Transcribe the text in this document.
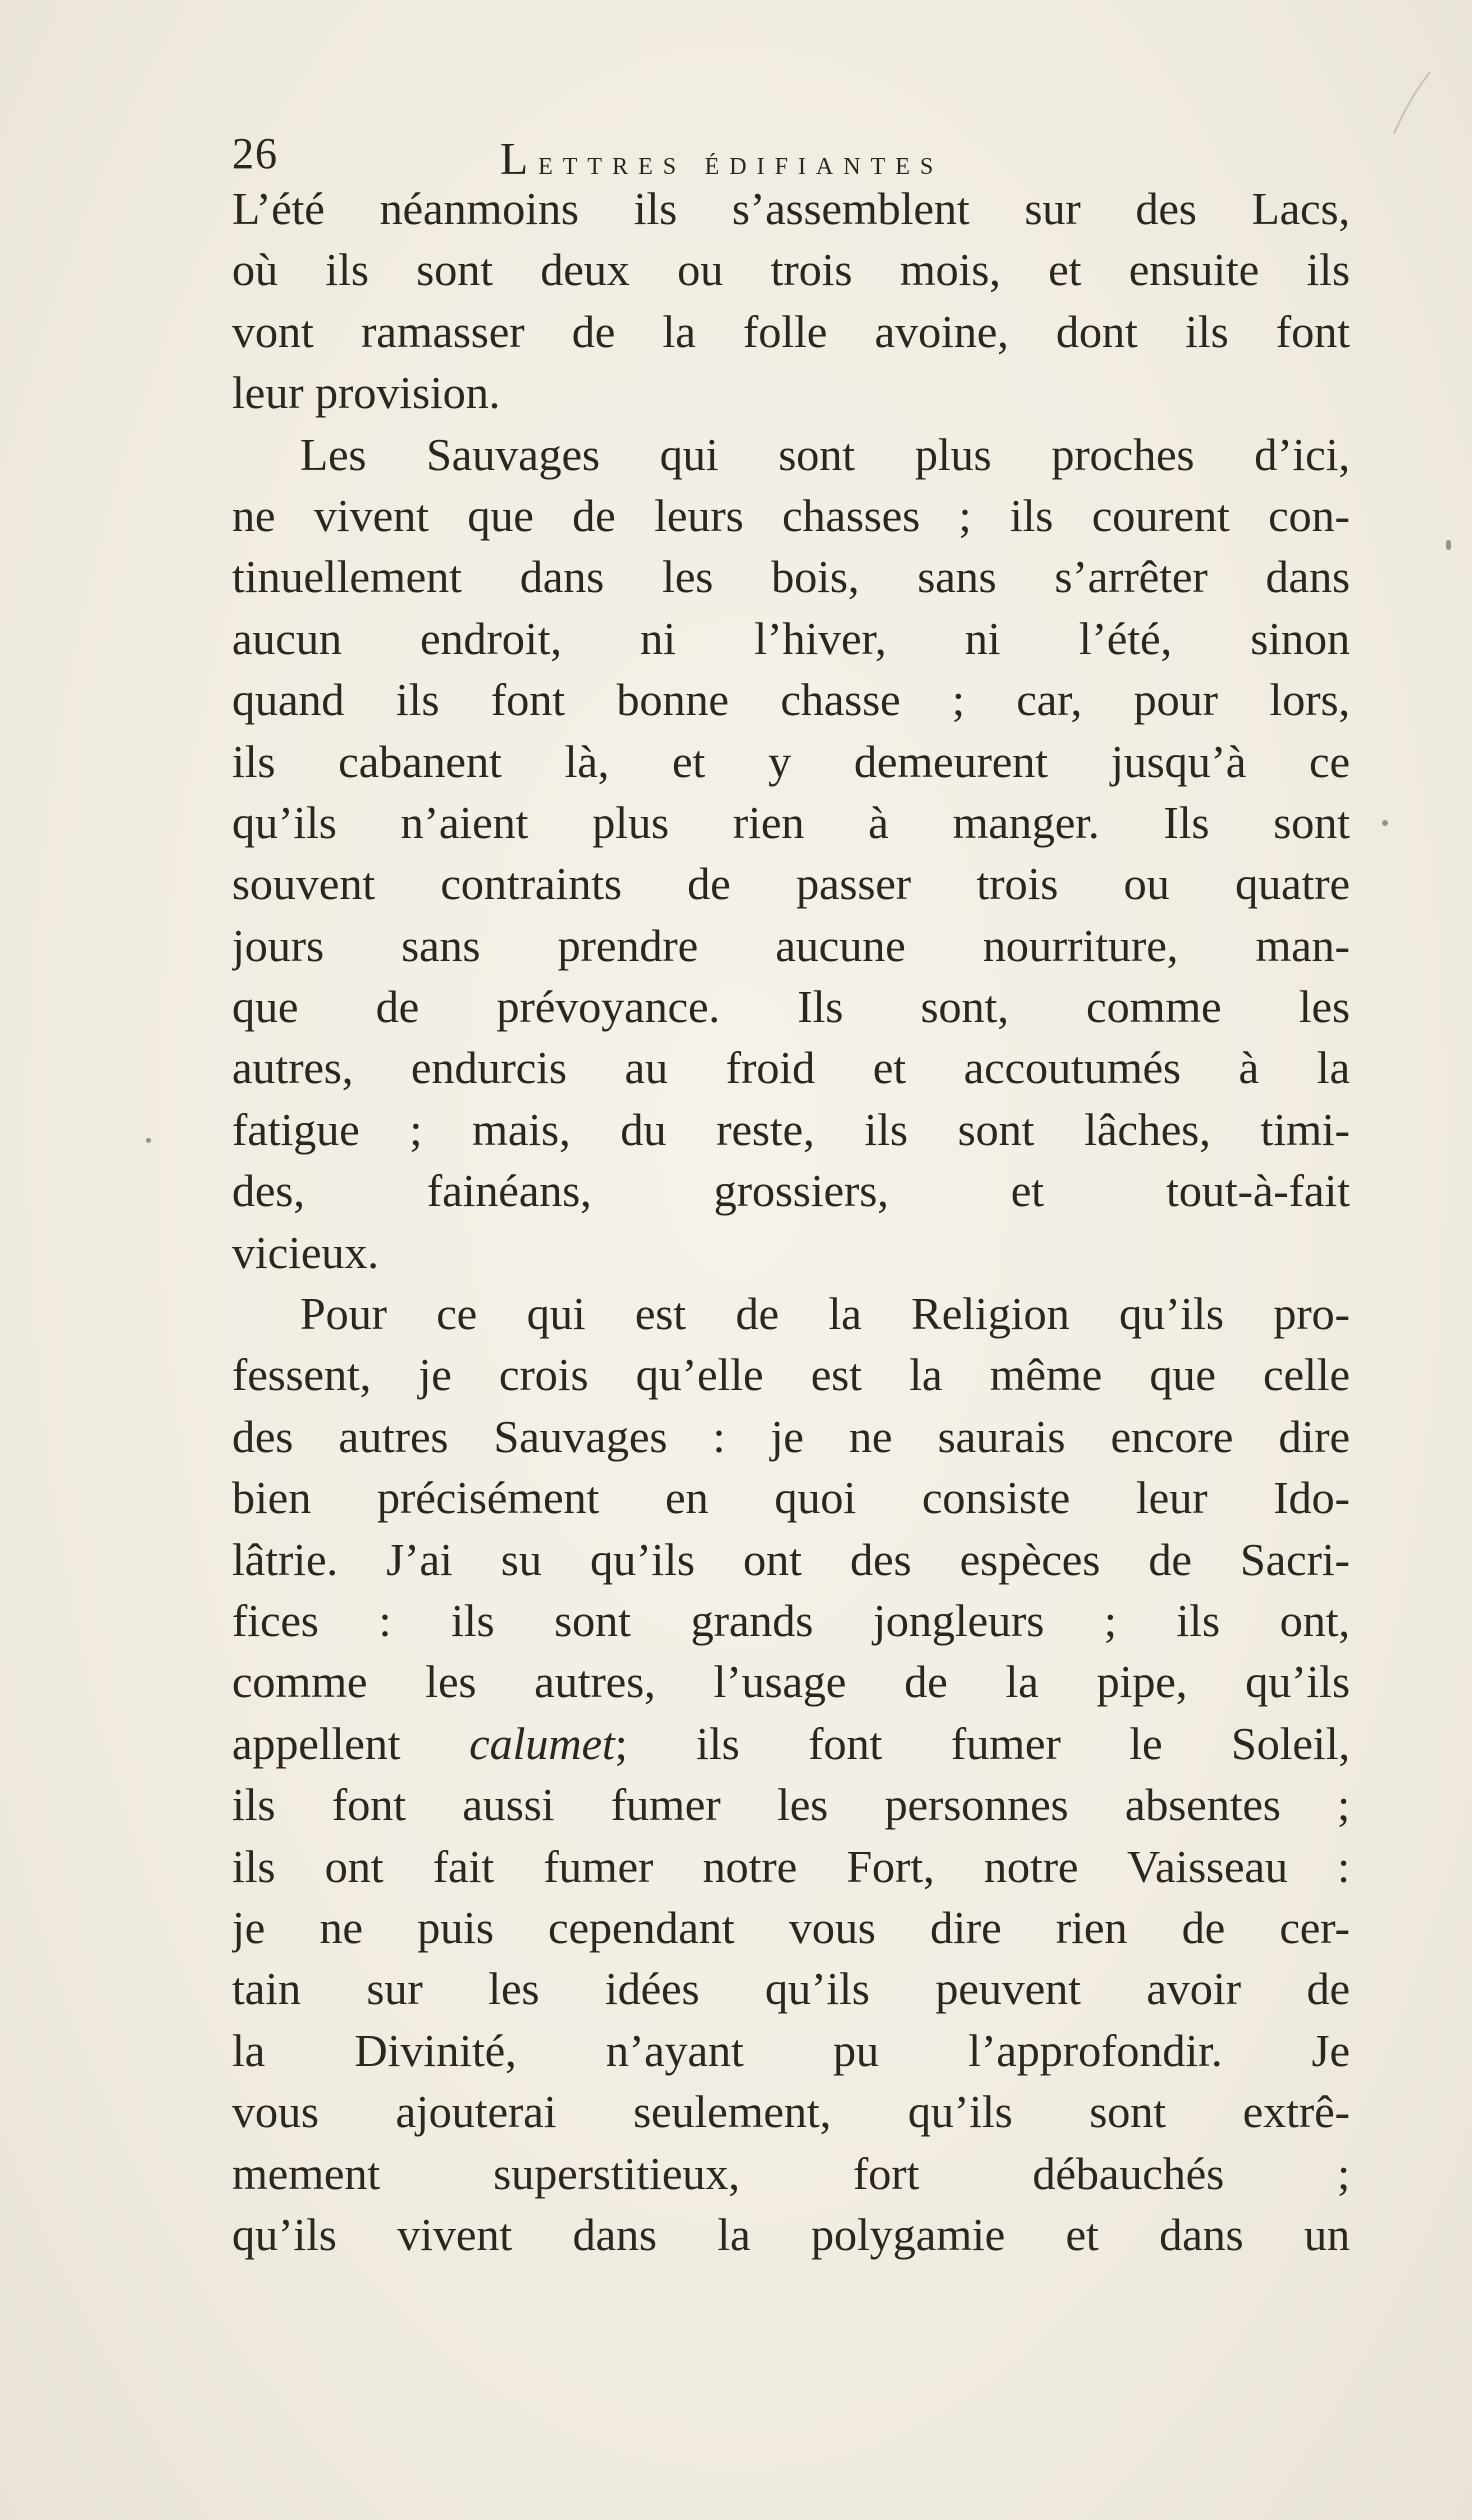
26	Lettres édifiantes
L’été néanmoins ils s’assemblent sur des Lacs,
où ils sont deux ou trois mois, et ensuite ils
vont ramasser de la folle avoine, dont ils font
leur provision.
Les Sauvages qui sont plus proches d’ici,
ne vivent que de leurs chasses ; ils courent con-
tinuellement dans les bois, sans s’arrêter dans
aucun endroit, ni l’hiver, ni l’été, sinon
quand ils font bonne chasse ; car, pour lors,
ils cabanent là, et y demeurent jusqu’à ce
qu’ils n’aient plus rien à manger. Ils sont
souvent contraints de passer trois ou quatre
jours sans prendre aucune nourriture, man-
que de prévoyance. Ils sont, comme les
autres, endurcis au froid et accoutumés à la
fatigue ; mais, du reste, ils sont lâches, timi-
des, fainéans, grossiers, et tout-à-fait
vicieux.
Pour ce qui est de la Religion qu’ils pro-
fessent, je crois qu’elle est la même que celle
des autres Sauvages : je ne saurais encore dire
bien précisément en quoi consiste leur Ido-
lâtrie. J’ai su qu’ils ont des espèces de Sacri-
fices : ils sont grands jongleurs ; ils ont,
comme les autres, l’usage de la pipe, qu’ils
appellent calumet; ils font fumer le Soleil,
ils font aussi fumer les personnes absentes ;
ils ont fait fumer notre Fort, notre Vaisseau :
je ne puis cependant vous dire rien de cer-
tain sur les idées qu’ils peuvent avoir de
la Divinité, n’ayant pu l’approfondir. Je
vous ajouterai seulement, qu’ils sont extrê-
mement superstitieux, fort débauchés ;
qu’ils vivent dans la polygamie et dans un
